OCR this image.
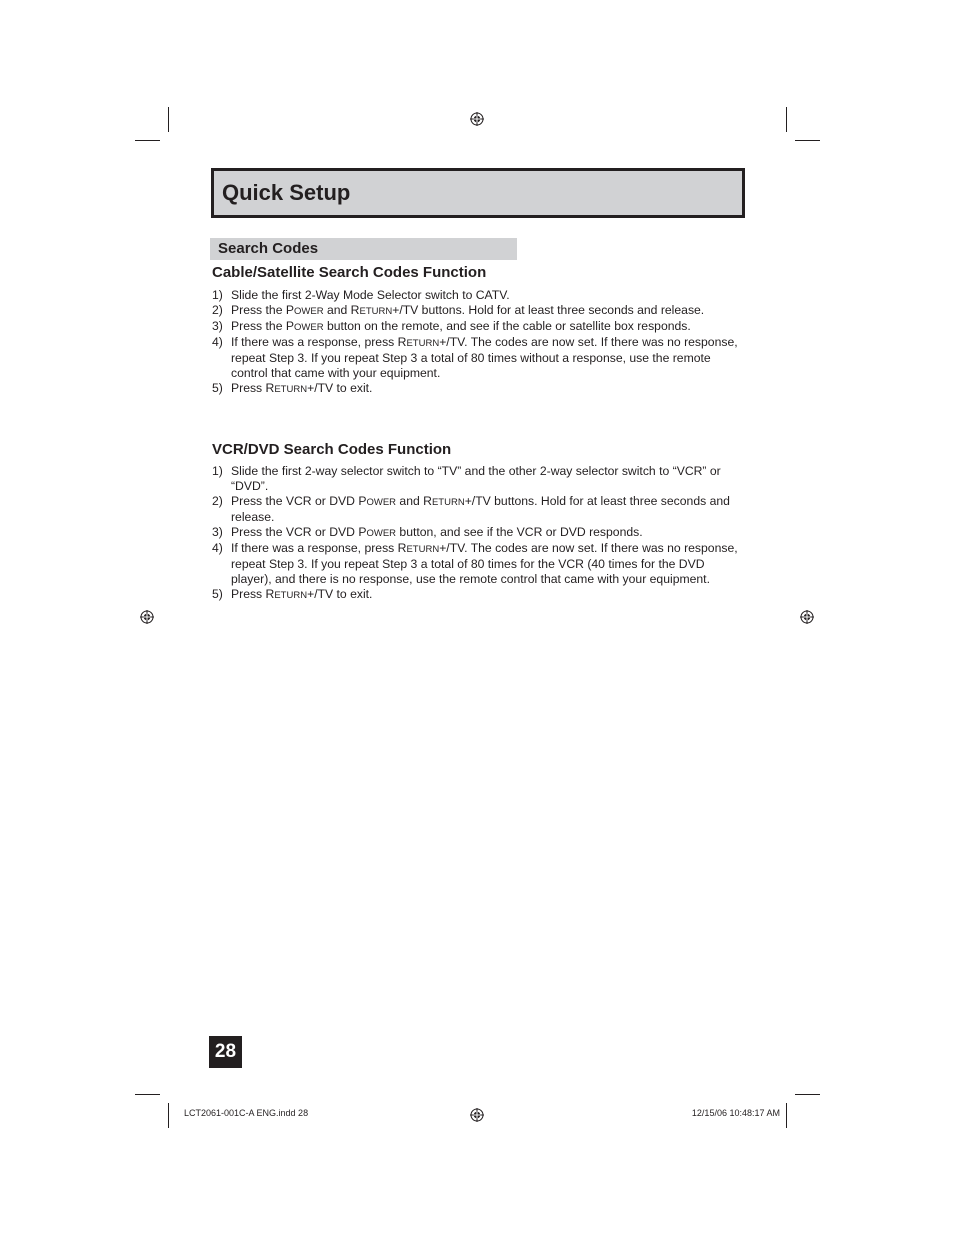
Quick Setup
Search Codes
Cable/Satellite Search Codes Function
1) Slide the first 2-Way Mode Selector switch to CATV.
2) Press the POWER and RETURN+/TV buttons. Hold for at least three seconds and release.
3) Press the POWER button on the remote, and see if the cable or satellite box responds.
4) If there was a response, press RETURN+/TV. The codes are now set. If there was no response, repeat Step 3. If you repeat Step 3 a total of 80 times without a response, use the remote control that came with your equipment.
5) Press RETURN+/TV to exit.
VCR/DVD Search Codes Function
1) Slide the first 2-way selector switch to “TV” and the other 2-way selector switch to “VCR” or “DVD”.
2) Press the VCR or DVD POWER and RETURN+/TV buttons. Hold for at least three seconds and release.
3) Press the VCR or DVD POWER button, and see if the VCR or DVD responds.
4) If there was a response, press RETURN+/TV. The codes are now set. If there was no response, repeat Step 3. If you repeat Step 3 a total of 80 times for the VCR (40 times for the DVD player), and there is no response, use the remote control that came with your equipment.
5) Press RETURN+/TV to exit.
28

LCT2061-001C-A ENG.indd 28	12/15/06 10:48:17 AM
